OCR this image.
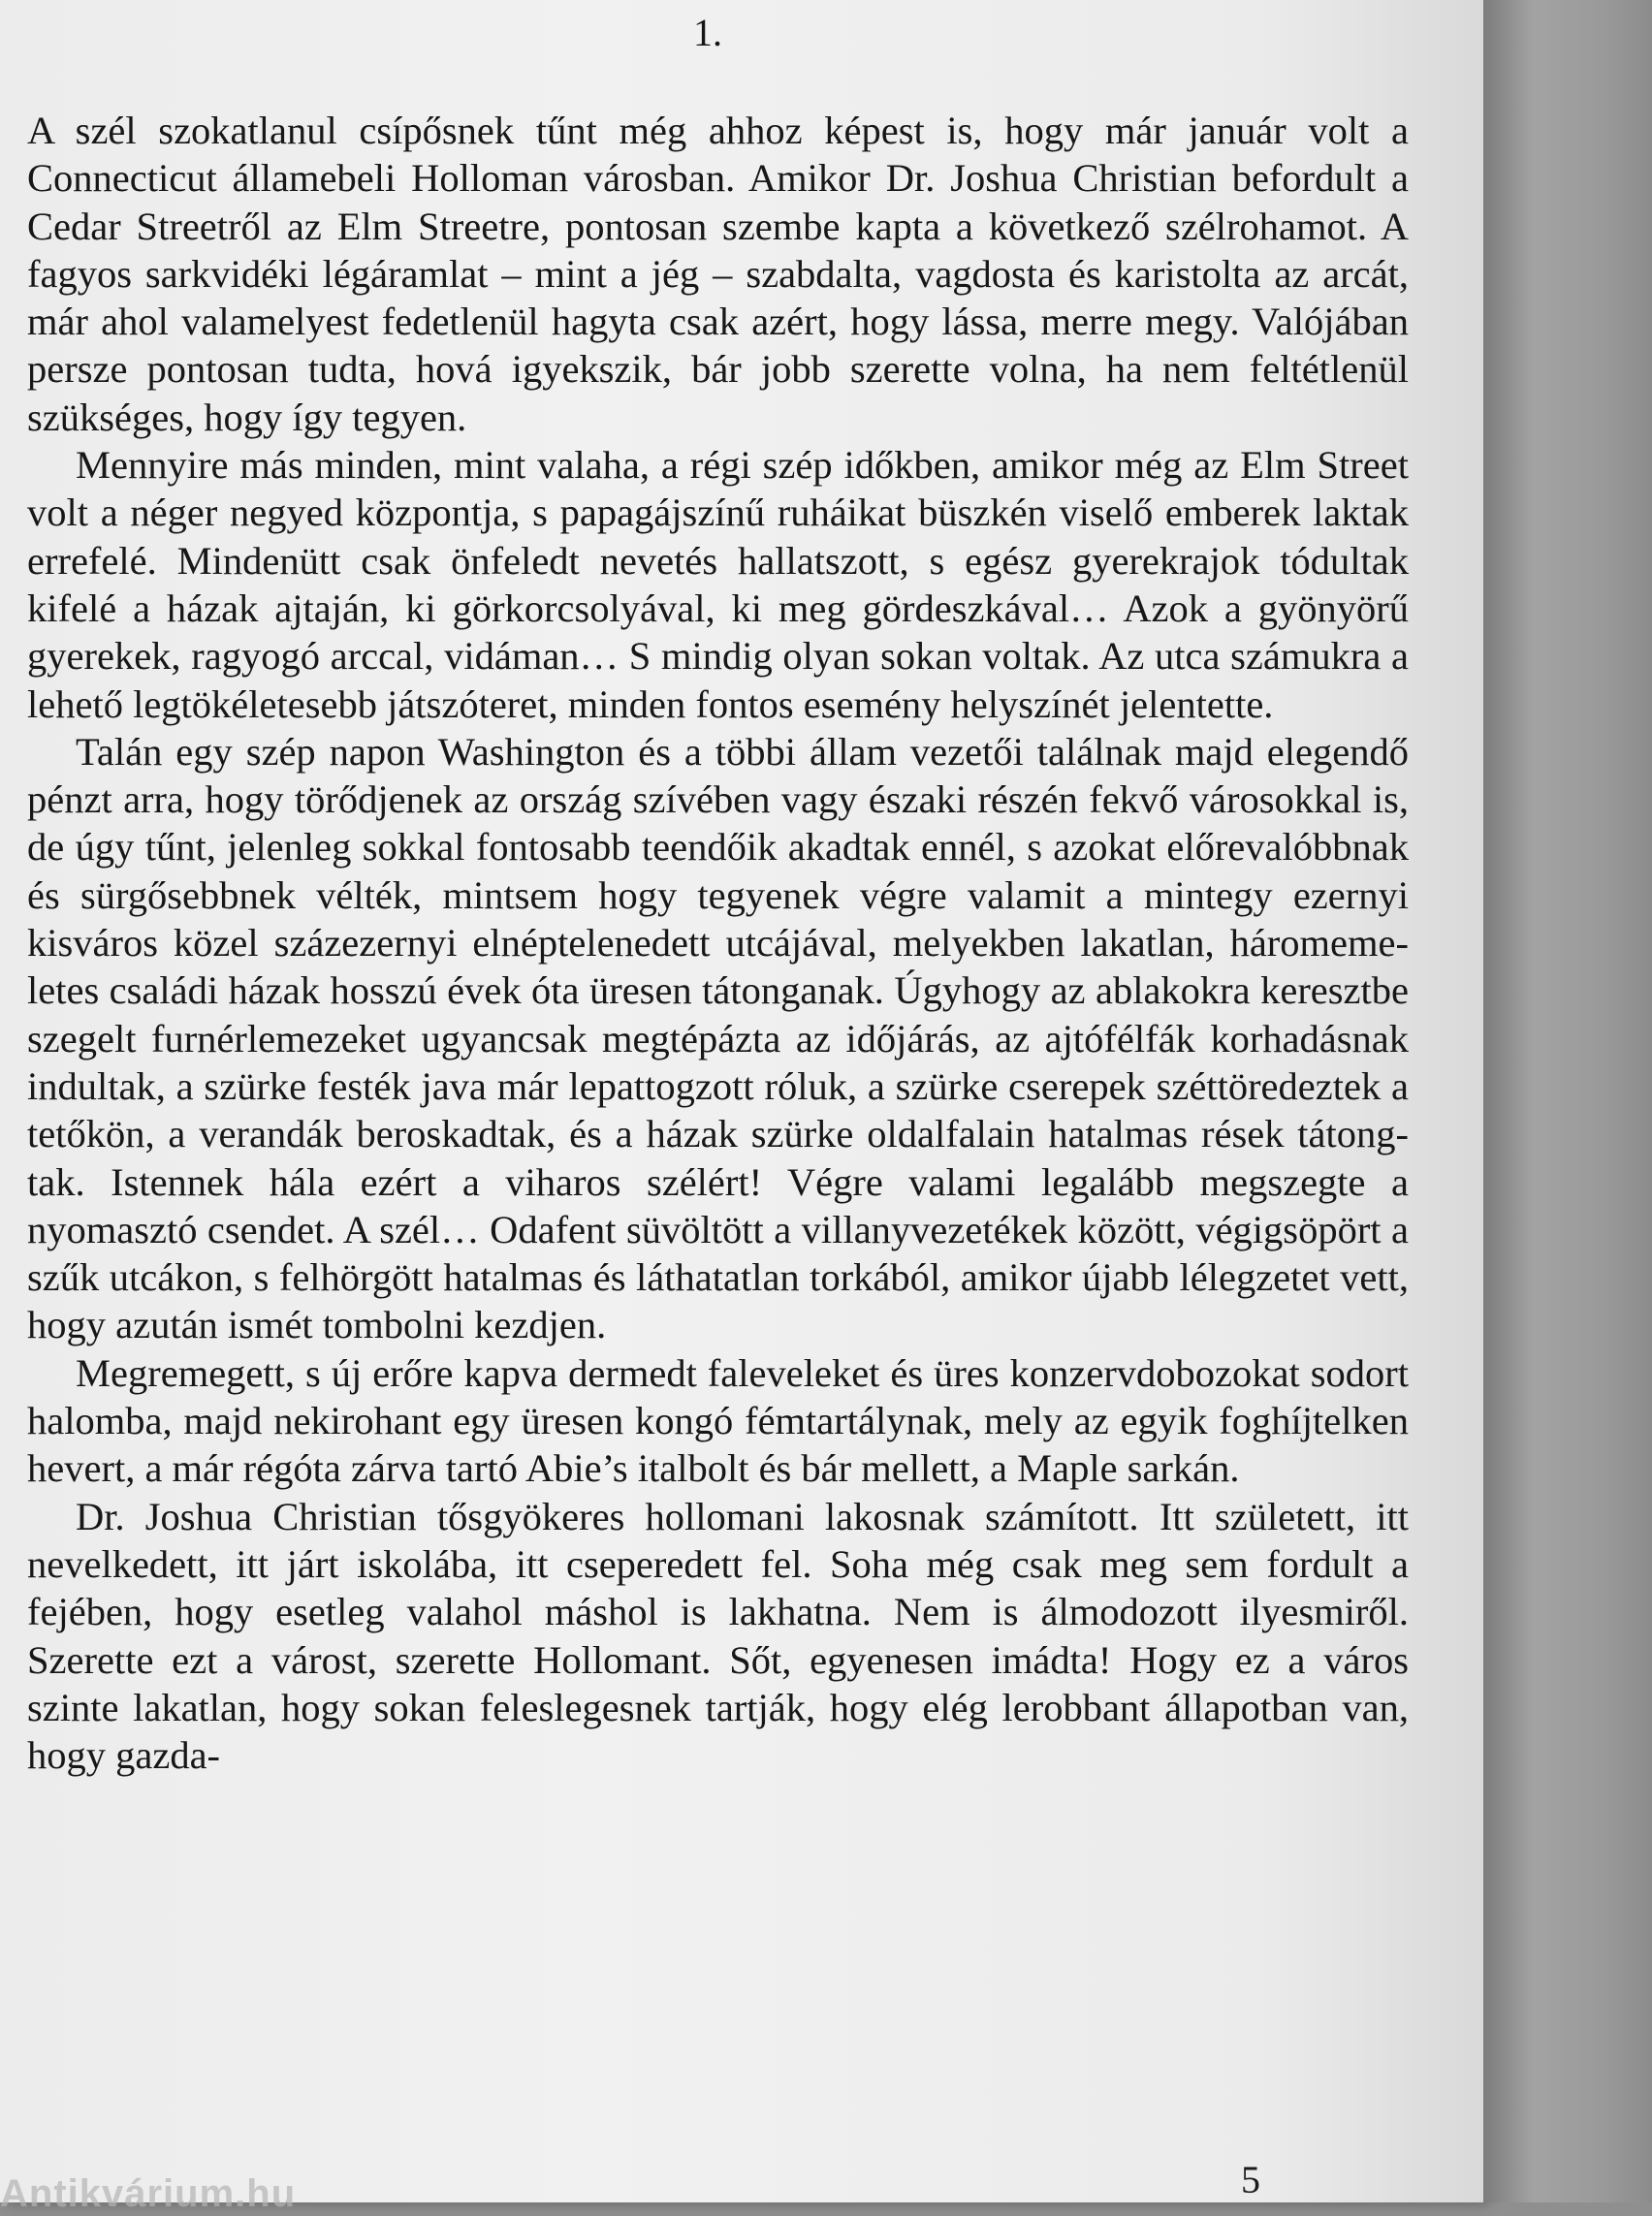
1.

A szél szokatlanul csípősnek tűnt még ahhoz képest is, hogy már január volt a Connecticut államebeli Holloman városban. Amikor Dr. Joshua Christian befordult a Cedar Streetről az Elm Streetre, pontosan szembe kapta a következő szélrohamot. A fagyos sarkvidéki légáramlat – mint a jég – szabdalta, vagdosta és karistolta az arcát, már ahol valamelyest fedetlenül hagyta csak azért, hogy lássa, merre megy. Valójában persze pontosan tudta, hová igyekszik, bár jobb szerette volna, ha nem feltétlenül szükséges, hogy így tegyen.

Mennyire más minden, mint valaha, a régi szép időkben, amikor még az Elm Street volt a néger negyed központja, s papagájszínű ruháikat büszkén viselő emberek laktak errefelé. Mindenütt csak önfeledt nevetés hallatszott, s egész gyerekrajok tódultak kifelé a házak ajtaján, ki görkorcsolyával, ki meg gördeszkával… Azok a gyönyörű gyerekek, ragyogó arccal, vidáman… S mindig olyan sokan voltak. Az utca számukra a lehető legtökéletesebb játszóteret, minden fontos esemény helyszínét jelentette.

Talán egy szép napon Washington és a többi állam vezetői találnak majd elegendő pénzt arra, hogy törődjenek az ország szívében vagy északi részén fekvő városokkal is, de úgy tűnt, jelenleg sokkal fontosabb teendőik akadtak ennél, s azokat előrevalóbbnak és sürgősebbnek vélték, mintsem hogy tegyenek végre valamit a mintegy ezernyi kisváros közel százezernyi elnéptelenedett utcájával, melyekben lakatlan, háromemeletes családi házak hosszú évek óta üresen tátonganak. Úgyhogy az ablakokra keresztbe szegelt furnérlemezeket ugyancsak megtépázta az időjárás, az ajtófélfák korhadásnak indultak, a szürke festék java már lepattogzott róluk, a szürke cserepek széttöredeztek a tetőkön, a verandák beroskadtak, és a házak szürke oldalfalain hatalmas rések tátongtak. Istennek hála ezért a viharos szélért! Végre valami legalább megszegte a nyomasztó csendet. A szél… Odafent süvöltött a villanyvezetékek között, végigsöpört a szűk utcákon, s felhörgött hatalmas és láthatatlan torkából, amikor újabb lélegzetet vett, hogy azután ismét tombolni kezdjen.

Megremegett, s új erőre kapva dermedt faleveleket és üres konzervdobozokat sodort halomba, majd nekirohant egy üresen kongó fémtartálynak, mely az egyik foghíjtelken hevert, a már régóta zárva tartó Abie’s italbolt és bár mellett, a Maple sarkán.

Dr. Joshua Christian tősgyökeres hollomani lakosnak számított. Itt született, itt nevelkedett, itt járt iskolába, itt cseperedett fel. Soha még csak meg sem fordult a fejében, hogy esetleg valahol máshol is lakhatna. Nem is álmodozott ilyesmiről. Szerette ezt a várost, szerette Hollomant. Sőt, egyenesen imádta! Hogy ez a város szinte lakatlan, hogy sokan feleslegesnek tartják, hogy elég lerobbant állapotban van, hogy gazda-

5
Antikvárium.hu
